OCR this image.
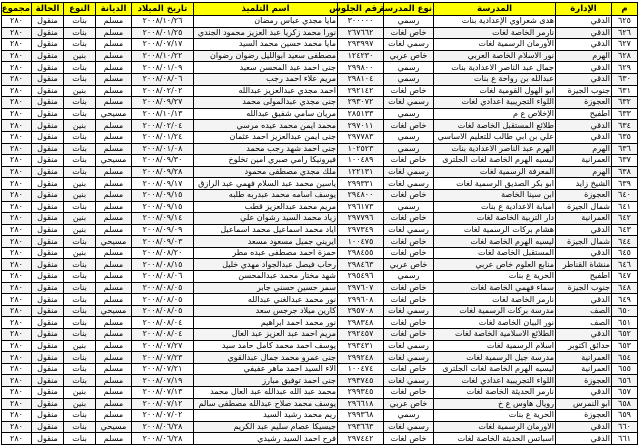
م	الإدارة	المدرسة	نوع المدرسة	رقم الجلوس	اسم التلميذ	تاريخ الميلاد	الديانة	النوع	الحالة	مجموع
٦٢٥	الدقي	هدى شعراوي الإعدادية بنات	رسمي	٣٠٠٠٠٠	مايا مجدي عباس رمضان	٢٠٠٨/١٠/٢٦	مسلم	بنات	منقول	٢٨٠
٦٢٦	الدقي	نارمر الخاصة لغات	خاص لغات	٢٦٧٦٦٢	نورا محمد زكريا عبد العزيز محمود الجندي	٢٠٠٨/٠١/٢٥	مسلم	بنات	منقول	٢٨٠
٦٢٧	الدقي	الأورمان الرسمية لغات	رسمي لغات	٢٩٣٩٩٧	مايا محمد حسين محمد السيد	٢٠٠٨/٠٧/١٧	مسلم	بنات	منقول	٢٨٠
٦٢٨	الهرم	نور الاسلام الخاصة العربي	خاص عربي	١٢٤٢٣٠	مصطفى سعيد ابوالليل رضوان رضوان	٢٠٠٨/١٠/٢٢	مسلم	بنين	منقول	٢٨٠
٦٢٩	الدقي	جمال عبد الناصر الاعدادية بنات	رسمي	٢٩٩٨٠٠	جنى احمد عبد المحسن سعيد	٢٠٠٨/٠١/٠٩	مسلم	بنات	منقول	٢٨٠
٦٣٠	الدقي	عبدالله بن رواحة ع بنات	رسمي	٢٩٨١٠٤	مريم علاء احمد رجب	٢٠٠٨/٠٨/٠٦	مسلم	بنات	منقول	٢٨٠
٦٣١	جنوب الجيزة	ابو الهول القومية لغات	خاص لغات	٢٩٢١٤٢	احمد مجدي عبدالعزيز عبدالله	٢٠٠٨/٠٢/٠٢	مسلم	بنين	منقول	٢٨٠
٦٣٢	العجوزة	اللواء التجريبية اعدادي لغات	رسمي لغات	٢٩٣٠٧٢	جنى مجدي عبدالمولى محمد	٢٠٠٨/٠٩/٢٧	مسلم	بنات	منقول	٢٨٠
٦٣٣	اطفيح	الإخلاص ع م	رسمي	٢٨٥١٣٣	مريان سامي شفيق عبدالله	٢٠٠٨/١٠/١٣	مسيحي	بنات	منقول	٢٨٠
٦٣٤	الدقي	طلائع المستقبل الخاصة لغات	خاص لغات	٢٩٧٠١١	محمد ايمن محمد عيده مرسي	٢٠٠٨/٠٢/٠٤	مسلم	بنين	منقول	٢٨٠
٦٣٥	الدقي	علي بن ابي طالب للتعليم الاساسي	رسمي	٢٩٧٧٨٣	جنى ايمن عبدالعزيز احمد عثمان	٢٠٠٨/٠١/٢٤	مسلم	بنات	منقول	٢٨٠
٦٣٦	الهرم	الهرم عبد الناصر الاعدادية بنات	رسمي	١٠٢٥٢٣	جنى احمد شهد رجب محمد	٢٠٠٨/٠١/٠٨	مسلم	بنات	منقول	٢٨٠
٦٣٧	العمرانية	ليسيه الهرم الخاصة لغات الجلترى	خاص لغات	١٠٠٤٨٩	فيرونيكا رامي صبري امين تخلوخ	٢٠٠٨/٠٩/٣٠	مسيحي	بنات	منقول	٢٨٠
٦٣٨	الهرم	المعرفة الرسمية لغات	رسمي لغات	١٢٢١٣١	ملك مجدي مصطفى محمود	٢٠٠٨/٠٩/٢٨	مسلم	بنات	منقول	٢٨٠
٦٣٩	الشيخ زايد	ابو بكر الصديق الرسمية لغات	رسمي لغات	٢٩٩٣٣١	ياسين محمد عبد السلام فهمي عبد الرازق	٢٠٠٨/٠٩/١٧	مسلم	بنين	منقول	٢٨٠
٦٤٠	العجوزة	ابن سينا الخاصة	خاص لغات	٢٩٤٨٠٠	يوسف اسامه محمد عبدربه طلبه	٢٠٠٨/٠٩/١٥	مسلم	بنين	منقول	٢٨٠
٦٤١	شمال الجيزة	امبابة الاعدادية ع بنات	رسمي	٢٩٦١٧٣	مريم محمد عبدالعزيز قطب	٢٠٠٨/٠٩/١٥	مسلم	بنات	منقول	٢٨٠
٦٤٢	العمرانية	دار التربية الخاصة لغات	خاص لغات	٢٩٧٧٩٦	زياد محمد السيد رشوان علي	٢٠٠٨/٠٩/١٤	مسلم	بنين	منقول	٢٨٠
٦٤٣	الدقي	هشام بركات الرسمية لغات	رسمي لغات	٢٩٧٣٤٩	اياد محمد اسماعيل محمد اسماعيل	٢٠٠٨/٠٩/٠٩	مسلم	بنين	منقول	٢٨٠
٦٤٤	شمال الجيزة	ليسيه الهرم الخاصة لغات	خاص لغات	١٠٠٤٧٥	ايريني جميل مسعود مسعد	٢٠٠٨/٠٩/٠٣	مسيحي	بنات	منقول	٢٨٠
٦٤٥	الدقي	المستقبل الخاصة لغات	خاص لغات	٢٩٨٤٥٥	حمزة احمد مصطفى عبده مطر	٢٠٠٨/٠٨/٢٠	مسلم	بنين	منقول	٢٨٠
٦٤٦	منشاة القناطر	منابع العلوم خاص عربي	خاص عربي	٢٩٨٤٦٣	رحاب فيصل عبدالجواد مهدي خليل	٢٠٠٨/٠٨/١٥	مسلم	بنات	منقول	٢٨٠
٦٤٧	اطفيح	الحرية ع بنات	رسمي	٢٩٥٤٩٦	شهد مختار محمد عبدالمحسن	٢٠٠٨/٠٨/٠٦	مسلم	بنات	منقول	٢٨٠
٦٤٨	جنوب الجيزة	سماء فهمي الخاصة لغات	خاص لغات	٢٩٧٦٠٧	سمر حسين حسني جابر	٢٠٠٨/٠٨/٠٥	مسلم	بنات	منقول	٢٨٠
٦٤٩	الدقي	نارمر الخاصة لغات	خاص لغات	٢٩٩٦٠٨	نور محمد عبدالغني عبدالله	٢٠٠٨/٠٨/٠٥	مسلم	بنات	منقول	٢٨٠
٦٥٠	الصف	مدرسة بركات الرسمية لغات	رسمي لغات	٢٩٥٧٠٨	كارين ميلاد جرجس سعد	٢٠٠٨/٠٨/٠٥	مسيحي	بنات	منقول	٢٨٠
٦٥١	الصف	نور البيان الخاصة لغات	خاص لغات	٢٩٨٣٤٨	نور محمد احمد ابراهيم	٢٠٠٨/٠٨/٠٤	مسلم	بنات	منقول	٢٨٠
٦٥٢	الدقي	الطلائع الاسلامية الخاصة لغات	خاص لغات	٢٩٢٤٥٧	مريم احمد عبد العزيز عبد العال	٢٠٠٨/٠٨/٠٤	مسلم	بنات	منقول	٢٨٠
٦٥٣	حدائق اكتوبر	اسلام الرسمية لغات	رسمي لغات	٢٩٣٤٣١	يوسف احمد محمد كامل حامد سيد	٢٠٠٨/٠٧/٢٧	مسلم	بنين	منقول	٢٨٠
٦٥٤	العمرانية	مدرسة جيل الرسمية لغات	رسمي لغات	٢٩٩٢٤٨	جنى عمرو محمد جمال عبدالقوي	٢٠٠٨/٠٧/٢٣	مسلم	بنات	منقول	٢٨٠
٦٥٥	العمرانية	ليسيه الهرم الخاصة لغات الجلترى	خاص لغات	١٠٠٤٧٤	الاء السيد احمد ماهر عفيفي	٢٠٠٨/٠٧/٢١	مسلم	بنات	منقول	٢٨٠
٦٥٦	العجوزة	اللواء التجريبية اعدادي لغات	رسمي لغات	٢٩٣٧٤٥	جنى احمد توفيق مبارز	٢٠٠٨/٠٧/١٩	مسلم	بنات	منقول	٢٨٠
٦٥٧	الدقي	نارمر الحديثة الخاصة لغات	خاص لغات	٢٩٩٣٤٥	محمد عبد الله عبدالله عبد العال محمد	٢٠٠٨/٠٧/١٣	مسلم	بنين	منقول	٢٨٠
٦٥٨	ابو النمرس	رويال هاوس ع خ	خاص عربي	٢٩٦٦١٨	يوسف محمد صلاح عبدالله مصطفى سالم	٢٠٠٨/٠٧/١٢	مسلم	بنين	منقول	٢٨٠
٦٥٩	العجوزة	الحرية ع بنات	رسمي	٢٩٩٣٦٨	ريم محمد رشيد السيد	٢٠٠٨/٠٧/٠٢	مسلم	بنات	منقول	٢٨٠
٦٦٠	الدقي	الاورمان الرسمية لغات	رسمي لغات	٢٩٣٦٦٣	جيسيكا عصام سليم عبد الكريم	٢٠٠٨/٠٦/٢٨	مسيحي	بنات	منقول	٢٨٠
٦٦١	الدقي	اسباتس الحديثة الخاصة لغات	خاص لغات	٢٩٧٤٤٢	فرح احمد السيد رشيدي	٢٠٠٨/٠٦/٢٨	مسلم	بنات	منقول	٢٨٠
